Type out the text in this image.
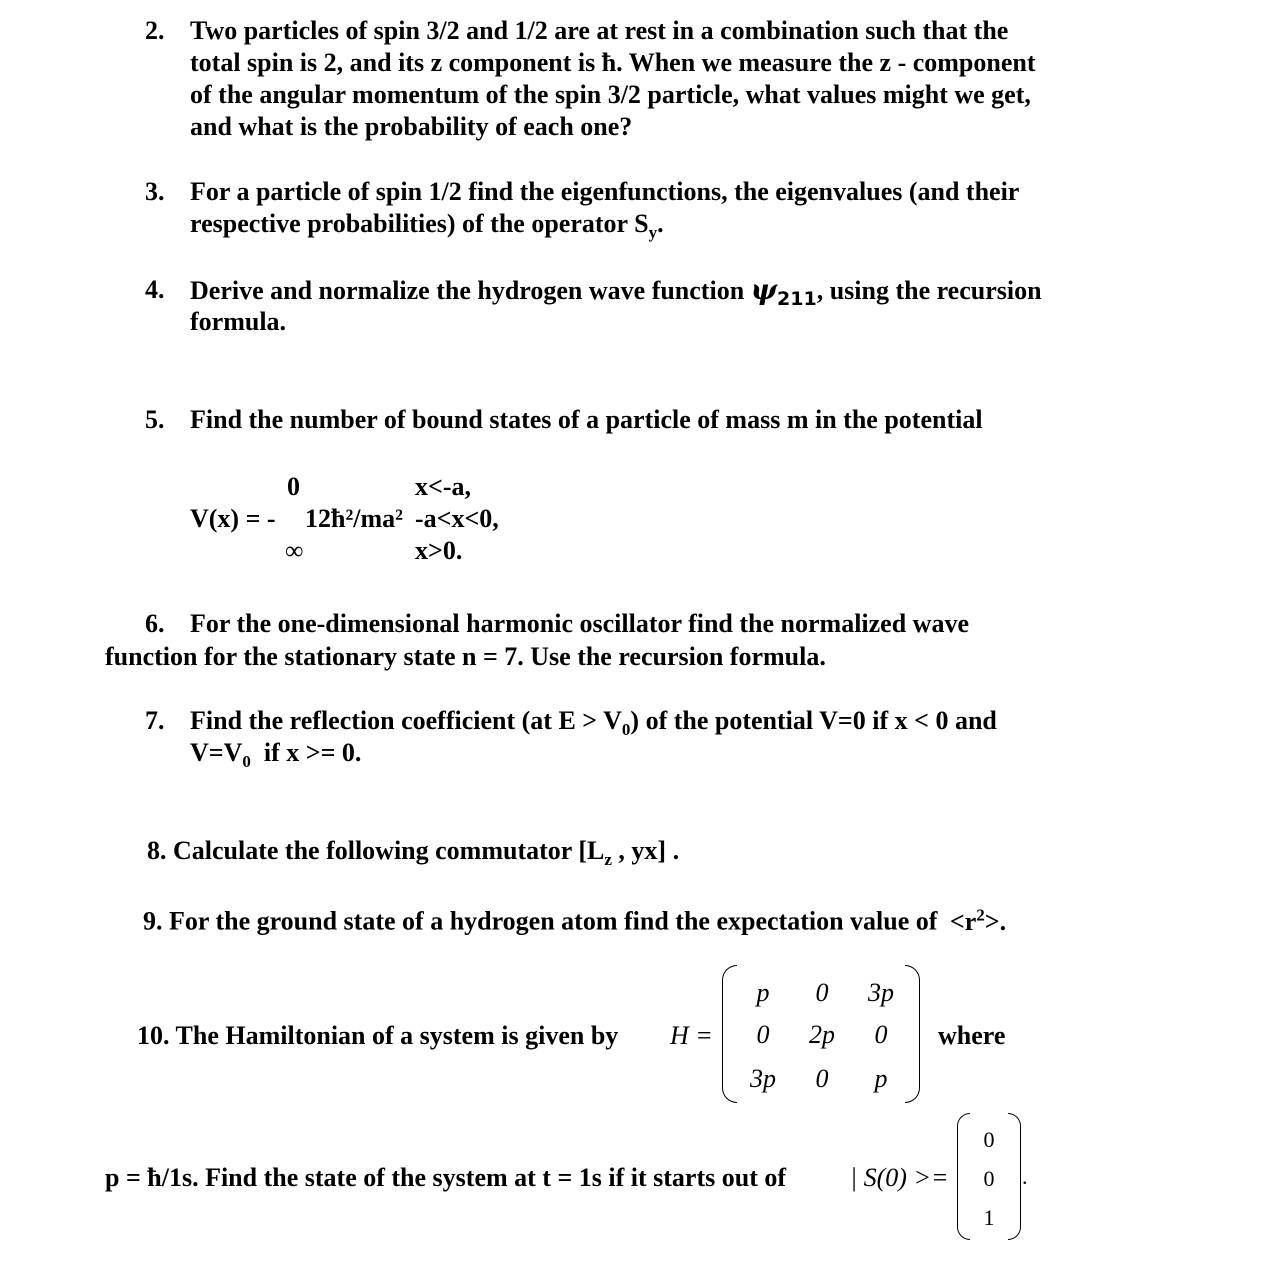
2. Two particles of spin 3/2 and 1/2 are at rest in a combination such that the
total spin is 2, and its z component is ħ. When we measure the z - component
of the angular momentum of the spin 3/2 particle, what values might we get,
and what is the probability of each one?
3. For a particle of spin 1/2 find the eigenfunctions, the eigenvalues (and their
respective probabilities) of the operator $S_y$.
4. Derive and normalize the hydrogen wave function $\psi_{211}$, using the recursion
formula.
5. Find the number of bound states of a particle of mass m in the potential
0	x<-a,
V(x) = - 12ħ²/ma² -a<x<0,
∞	x>0.
6. For the one-dimensional harmonic oscillator find the normalized wave
function for the stationary state n = 7. Use the recursion formula.
7. Find the reflection coefficient (at $E > V_0$) of the potential V=0 if x < 0 and
$V=V_0$  if x >= 0.
8. Calculate the following commutator [$L_z$ , yx] .
9. For the ground state of a hydrogen atom find the expectation value of $<r^2>$.
10. The Hamiltonian of a system is given by H =
p	0	3p
0	2p	0
3p	0	p
where
p = ħ/1s. Find the state of the system at t = 1s if it starts out of | S(0) >=
0
0
1
.
